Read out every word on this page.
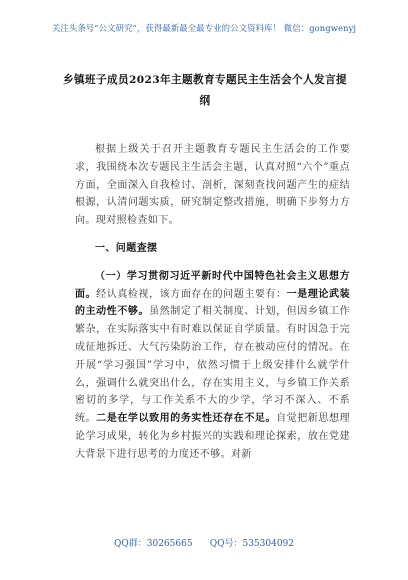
关注头条号“公文研究”，获得最新最全最专业的公文资料库！ 微信：gongwenyj
乡镇班子成员2023年主题教育专题民主生活会个人发言提纲

根据上级关于召开主题教育专题民主生活会的工作要求，我围绕本次专题民主生活会主题，认真对照“六个”重点方面，全面深入自我检讨、剖析，深刻查找问题产生的症结根源，认清问题实质，研究制定整改措施，明确下步努力方向。现对照检查如下。

一、问题查摆

（一）学习贯彻习近平新时代中国特色社会主义思想方面。经认真检视，该方面存在的问题主要有：一是理论武装的主动性不够。虽然制定了相关制度、计划，但因乡镇工作繁杂，在实际落实中有时难以保证自学质量。有时因急于完成征地拆迁、大气污染防治工作，存在被动应付的情况。在开展“学习强国”学习中，依然习惯于上级安排什么就学什么，强调什么就突出什么，存在实用主义，与乡镇工作关系密切的多学，与工作关系不大的少学，学习不深入、不系统。二是在学以致用的务实性还存在不足。自觉把新思想理论学习成果，转化为乡村振兴的实践和理论探索，放在党建大背景下进行思考的力度还不够。对新

QQ群：30265665      QQ号：535304092
